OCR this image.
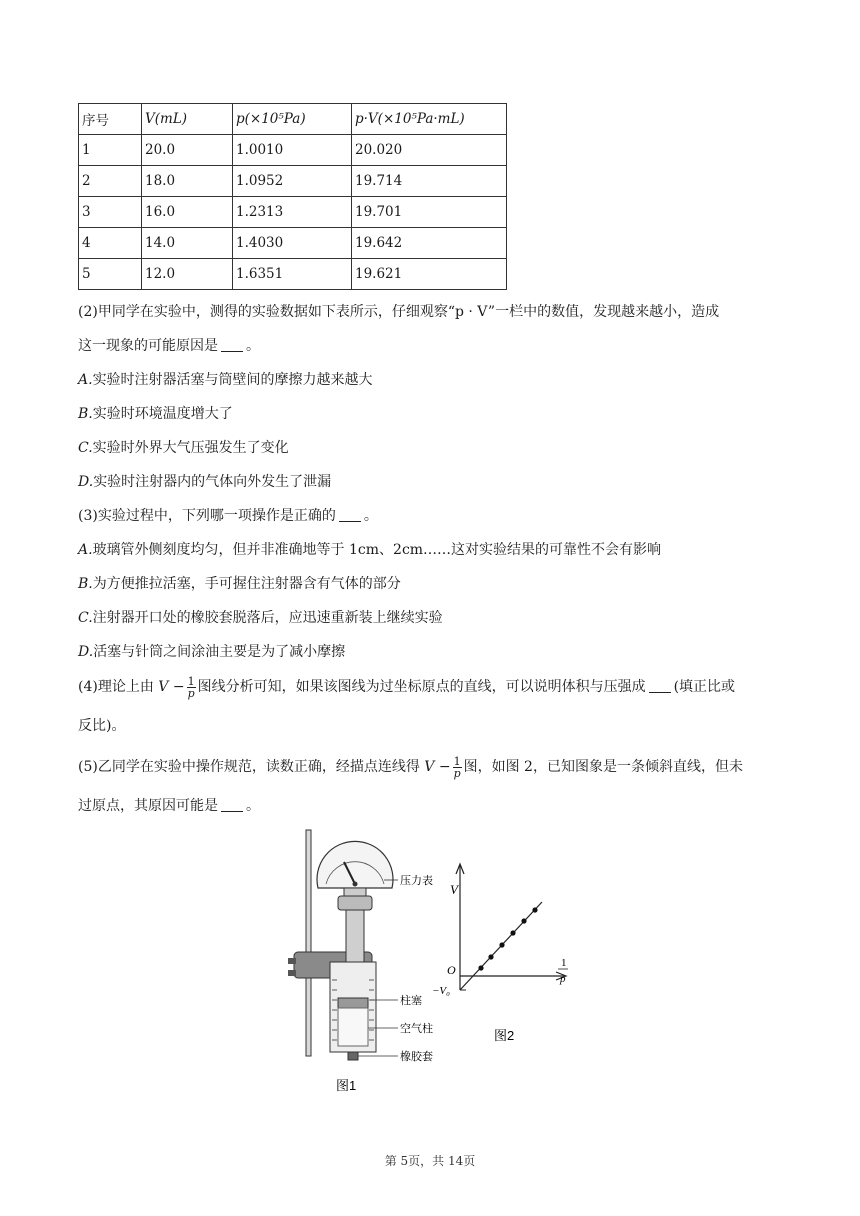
序号	V(mL)	p(×10⁵Pa)	p·V(×10⁵Pa·mL)
1	20.0	1.0010	20.020
2	18.0	1.0952	19.714
3	16.0	1.2313	19.701
4	14.0	1.4030	19.642
5	12.0	1.6351	19.621
(2)甲同学在实验中，测得的实验数据如下表所示，仔细观察“p · V”一栏中的数值，发现越来越小，造成
这一现象的可能原因是 。
A.实验时注射器活塞与筒壁间的摩擦力越来越大
B.实验时环境温度增大了
C.实验时外界大气压强发生了变化
D.实验时注射器内的气体向外发生了泄漏
(3)实验过程中，下列哪一项操作是正确的 。
A.玻璃管外侧刻度均匀，但并非准确地等于 1cm、2cm……这对实验结果的可靠性不会有影响
B.为方便推拉活塞，手可握住注射器含有气体的部分
C.注射器开口处的橡胶套脱落后，应迅速重新装上继续实验
D.活塞与针筒之间涂油主要是为了减小摩擦
(4)理论上由 $V - \frac{1}{p}$ 图线分析可知，如果该图线为过坐标原点的直线，可以说明体积与压强成 (填正比或
反比)。
(5)乙同学在实验中操作规范，读数正确，经描点连线得 $V - \frac{1}{p}$ 图，如图 2，已知图象是一条倾斜直线，但未
过原点，其原因可能是 。
压力表
柱塞
空气柱
橡胶套
图1
V
O
−V₀
1
p
图2
第 5页，共 14页
